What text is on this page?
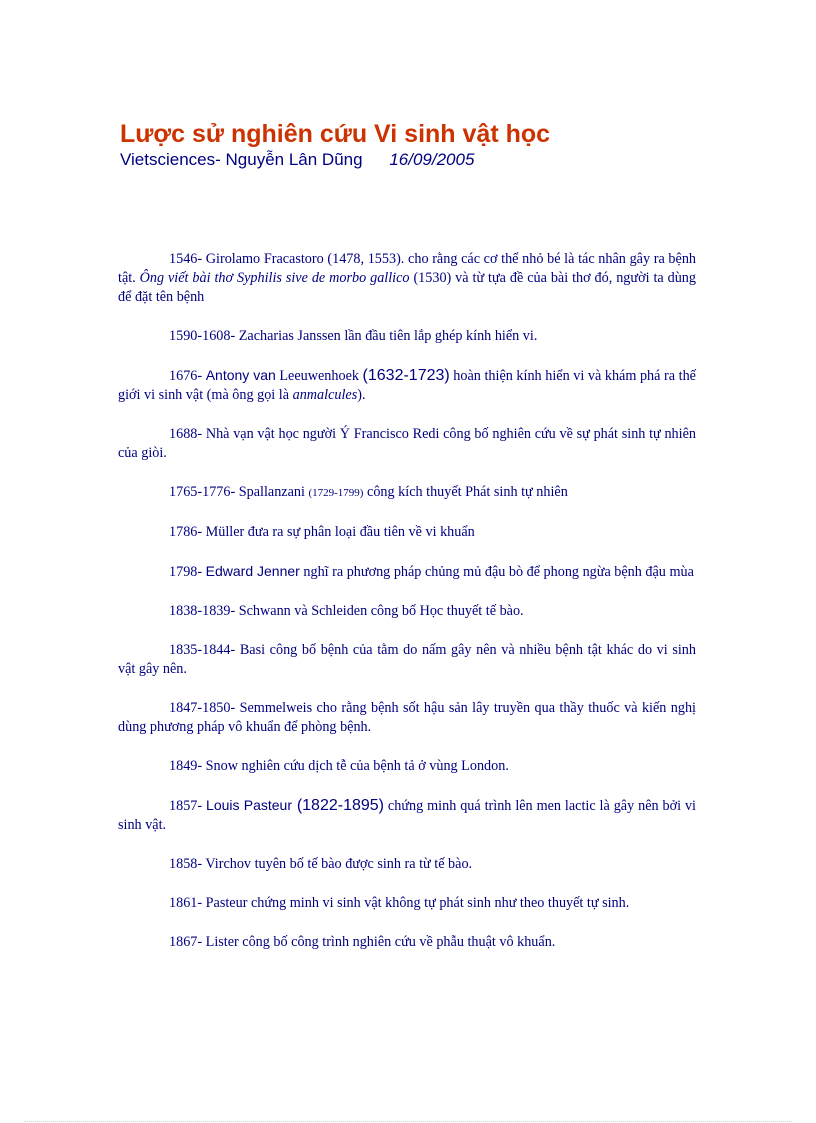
Lược sử nghiên cứu Vi sinh vật học
Vietsciences- Nguyễn Lân Dũng 16/09/2005

1546- Girolamo Fracastoro (1478, 1553). cho rằng các cơ thể nhỏ bé là tác nhân gây ra bệnh tật. Ông viết bài thơ Syphilis sive de morbo gallico (1530) và từ tựa đề của bài thơ đó, người ta dùng để đặt tên bệnh

1590-1608- Zacharias Janssen lần đầu tiên lắp ghép kính hiển vi.

1676- Antony van Leeuwenhoek (1632-1723) hoàn thiện kính hiển vi và khám phá ra thế giới vi sinh vật (mà ông gọi là anmalcules).

1688- Nhà vạn vật học người Ý Francisco Redi công bố nghiên cứu về sự phát sinh tự nhiên của giòi.

1765-1776- Spallanzani (1729-1799) công kích thuyết Phát sinh tự nhiên

1786- Müller đưa ra sự phân loại đầu tiên về vi khuẩn

1798- Edward Jenner nghĩ ra phương pháp chủng mủ đậu bò để phong ngừa bệnh đậu mùa

1838-1839- Schwann và Schleiden công bố Học thuyết tế bào.

1835-1844- Basi công bố bệnh của tằm do nấm gây nên và nhiều bệnh tật khác do vi sinh vật gây nên.

1847-1850- Semmelweis cho rằng bệnh sốt hậu sản lây truyền qua thầy thuốc và kiến nghị dùng phương pháp vô khuẩn để phòng bệnh.

1849- Snow nghiên cứu dịch tễ của bệnh tả ở vùng London.

1857- Louis Pasteur (1822-1895) chứng minh quá trình lên men lactic là gây nên bởi vi sinh vật.

1858- Virchov tuyên bố tế bào được sinh ra từ tế bào.

1861- Pasteur chứng minh vi sinh vật không tự phát sinh như theo thuyết tự sinh.

1867- Lister công bố công trình nghiên cứu về phẫu thuật vô khuẩn.
